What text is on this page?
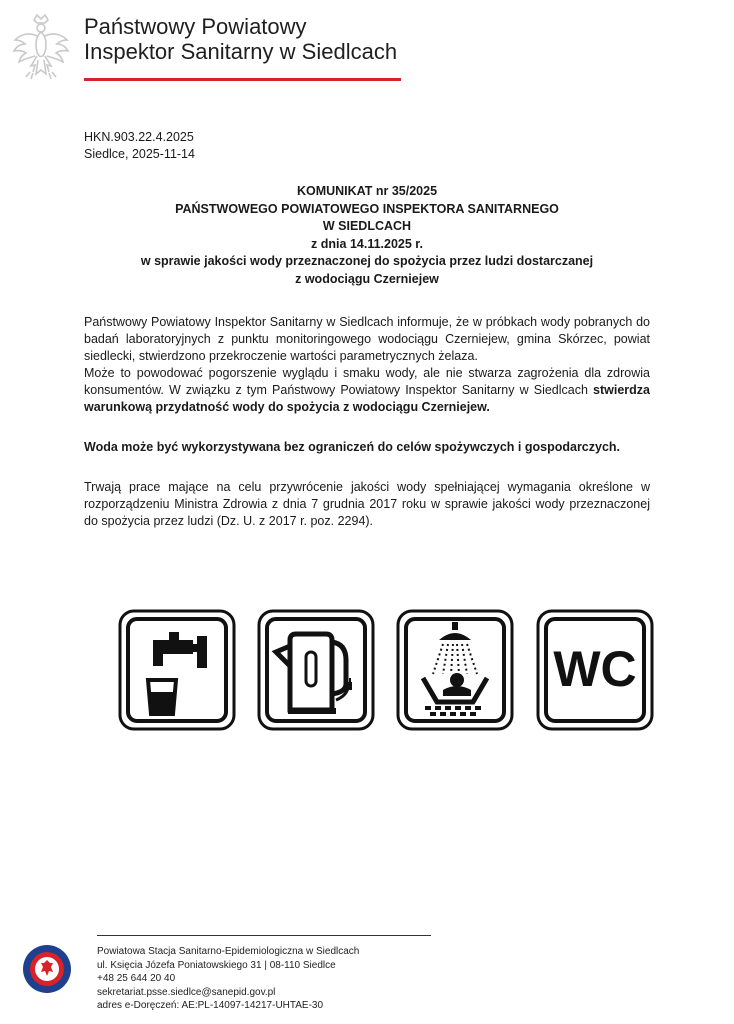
Państwowy Powiatowy
Inspektor Sanitarny w Siedlcach
HKN.903.22.4.2025
Siedlce, 2025-11-14
KOMUNIKAT nr 35/2025
PAŃSTWOWEGO POWIATOWEGO INSPEKTORA SANITARNEGO
W SIEDLCACH
z dnia 14.11.2025 r.
w sprawie jakości wody przeznaczonej do spożycia przez ludzi dostarczanej
z wodociągu Czerniejew

Państwowy Powiatowy Inspektor Sanitarny w Siedlcach informuje, że w próbkach wody pobranych do badań laboratoryjnych z punktu monitoringowego wodociągu Czerniejew, gmina Skórzec, powiat siedlecki, stwierdzono przekroczenie wartości parametrycznych żelaza.

Może to powodować pogorszenie wyglądu i smaku wody, ale nie stwarza zagrożenia dla zdrowia konsumentów. W związku z tym Państwowy Powiatowy Inspektor Sanitarny w Siedlcach stwierdza warunkową przydatność wody do spożycia z wodociągu Czerniejew.

Woda może być wykorzystywana bez ograniczeń do celów spożywczych i gospodarczych.

Trwają prace mające na celu przywrócenie jakości wody spełniającej wymagania określone w rozporządzeniu Ministra Zdrowia z dnia 7 grudnia 2017 roku w sprawie jakości wody przeznaczonej do spożycia przez ludzi (Dz. U. z 2017 r. poz. 2294).

WC
Powiatowa Stacja Sanitarno-Epidemiologiczna w Siedlcach
ul. Księcia Józefa Poniatowskiego 31 | 08-110 Siedlce
+48 25 644 20 40
sekretariat.psse.siedlce@sanepid.gov.pl
adres e-Doręczeń: AE:PL-14097-14217-UHTAE-30
